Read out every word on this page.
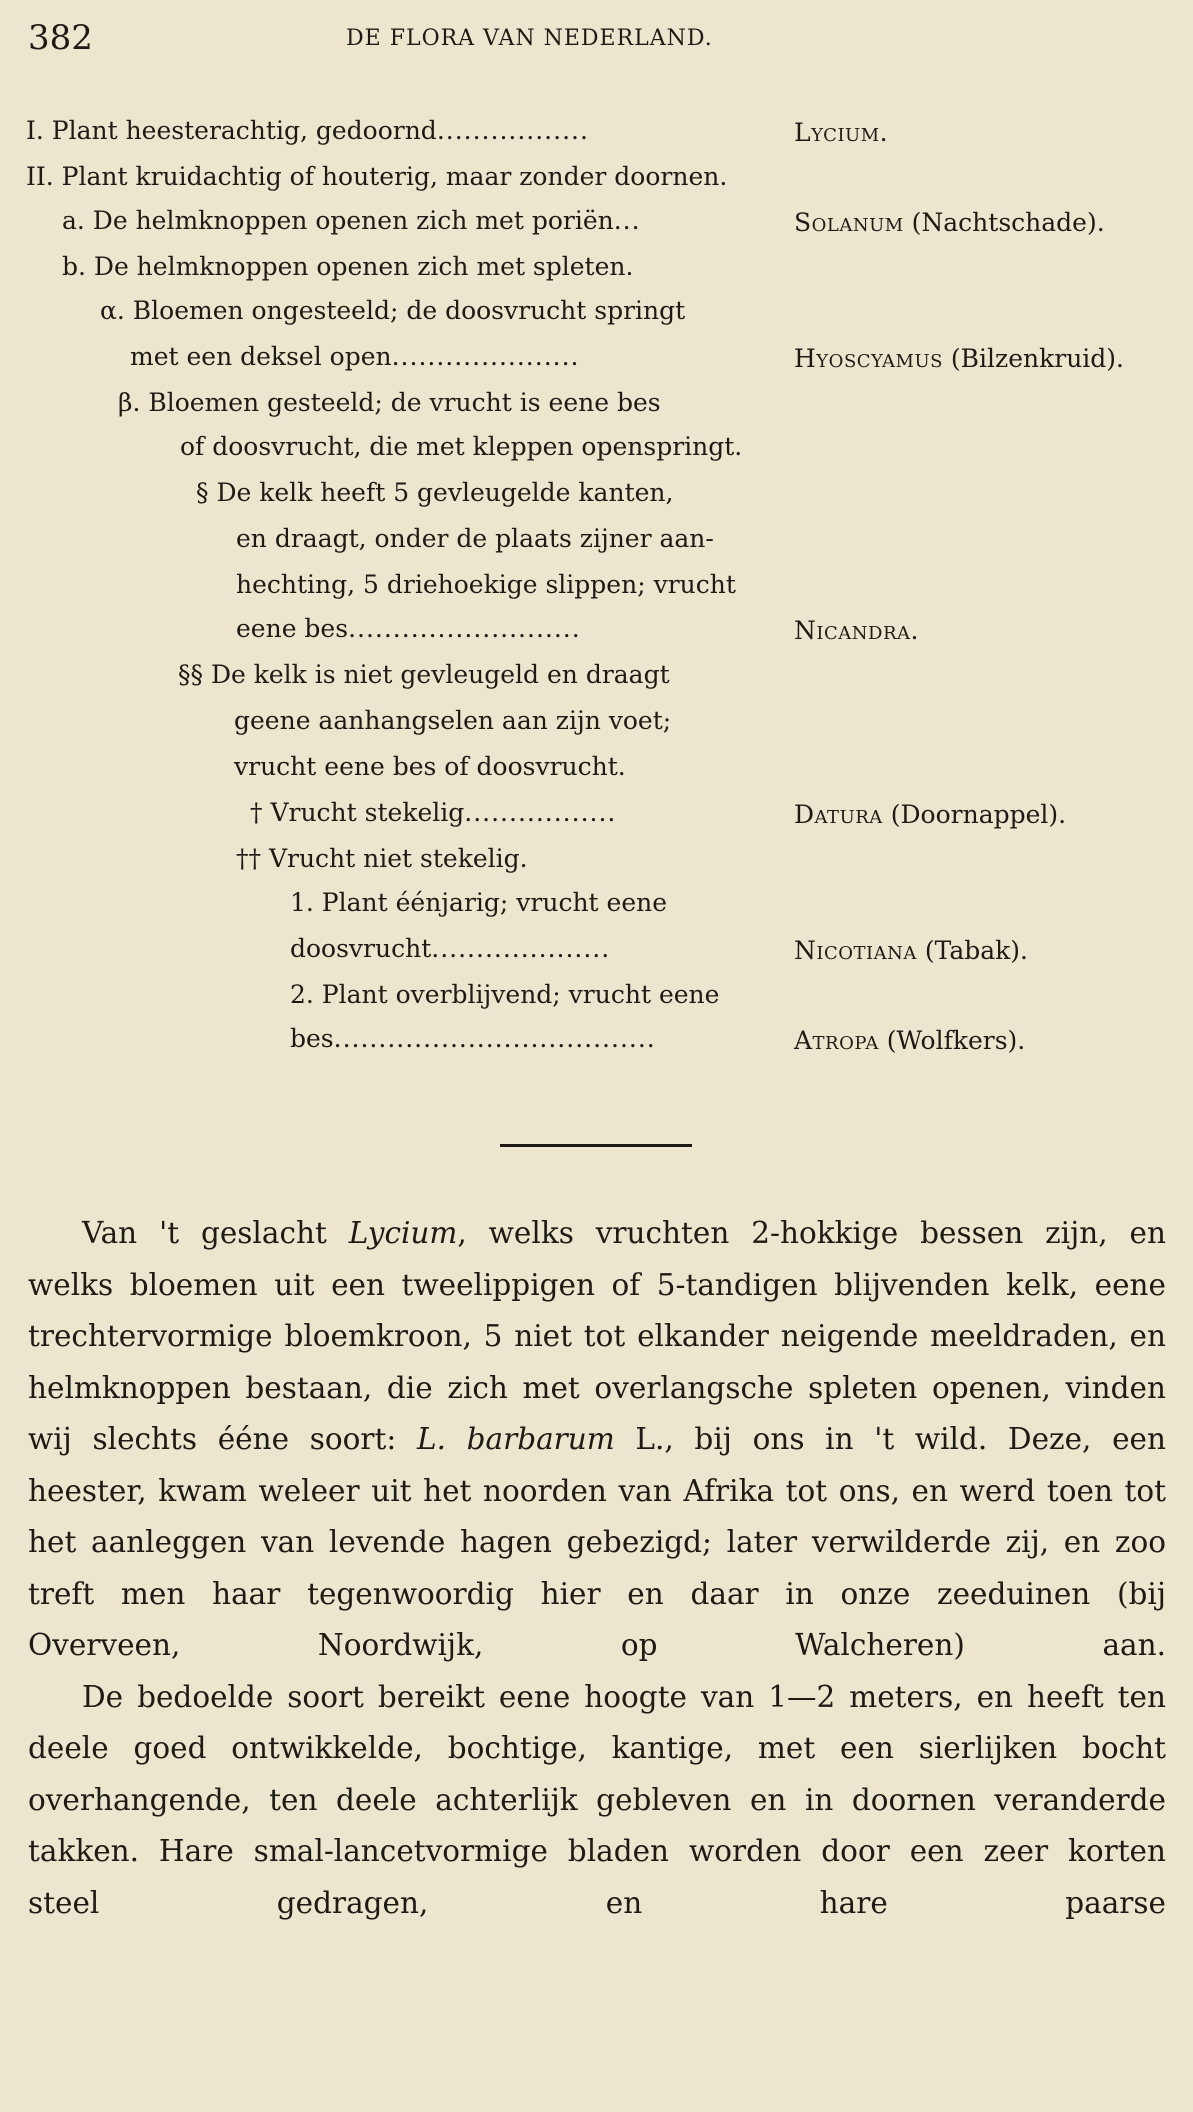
382	DE FLORA VAN NEDERLAND.
I. Plant heesterachtig, gedoornd .................	Lycium.
II. Plant kruidachtig of houterig, maar zonder doornen.
a. De helmknoppen openen zich met poriën ...	Solanum (Nachtschade).
b. De helmknoppen openen zich met spleten.
α. Bloemen ongesteeld; de doosvrucht springt
met een deksel open .....................	Hyoscyamus (Bilzenkruid).
β. Bloemen gesteeld; de vrucht is eene bes
of doosvrucht, die met kleppen openspringt.
§ De kelk heeft 5 gevleugelde kanten,
en draagt, onder de plaats zijner aan-
hechting, 5 driehoekige slippen; vrucht
eene bes ..........................	Nicandra.
§§ De kelk is niet gevleugeld en draagt
geene aanhangselen aan zijn voet;
vrucht eene bes of doosvrucht.
† Vrucht stekelig .................	Datura (Doornappel).
†† Vrucht niet stekelig.
1. Plant éénjarig; vrucht eene
doosvrucht ....................	Nicotiana (Tabak).
2. Plant overblijvend; vrucht eene
bes ....................................	Atropa (Wolfkers).

Van 't geslacht Lycium, welks vruchten 2-hokkige bessen zijn, en welks bloemen uit een tweelippigen of 5-tandigen blijvenden kelk, eene trechtervormige bloemkroon, 5 niet tot elkander neigende meeldraden, en helmknoppen bestaan, die zich met overlangsche spleten openen, vinden wij slechts ééne soort: L. barbarum L., bij ons in 't wild. Deze, een heester, kwam weleer uit het noorden van Afrika tot ons, en werd toen tot het aanleggen van levende hagen gebezigd; later verwilderde zij, en zoo treft men haar tegenwoordig hier en daar in onze zeeduinen (bij Overveen, Noordwijk, op Walcheren) aan.

De bedoelde soort bereikt eene hoogte van 1—2 meters, en heeft ten deele goed ontwikkelde, bochtige, kantige, met een sierlijken bocht overhangende, ten deele achterlijk gebleven en in doornen veranderde takken. Hare smal-lancetvormige bladen worden door een zeer korten steel gedragen, en hare paarse
